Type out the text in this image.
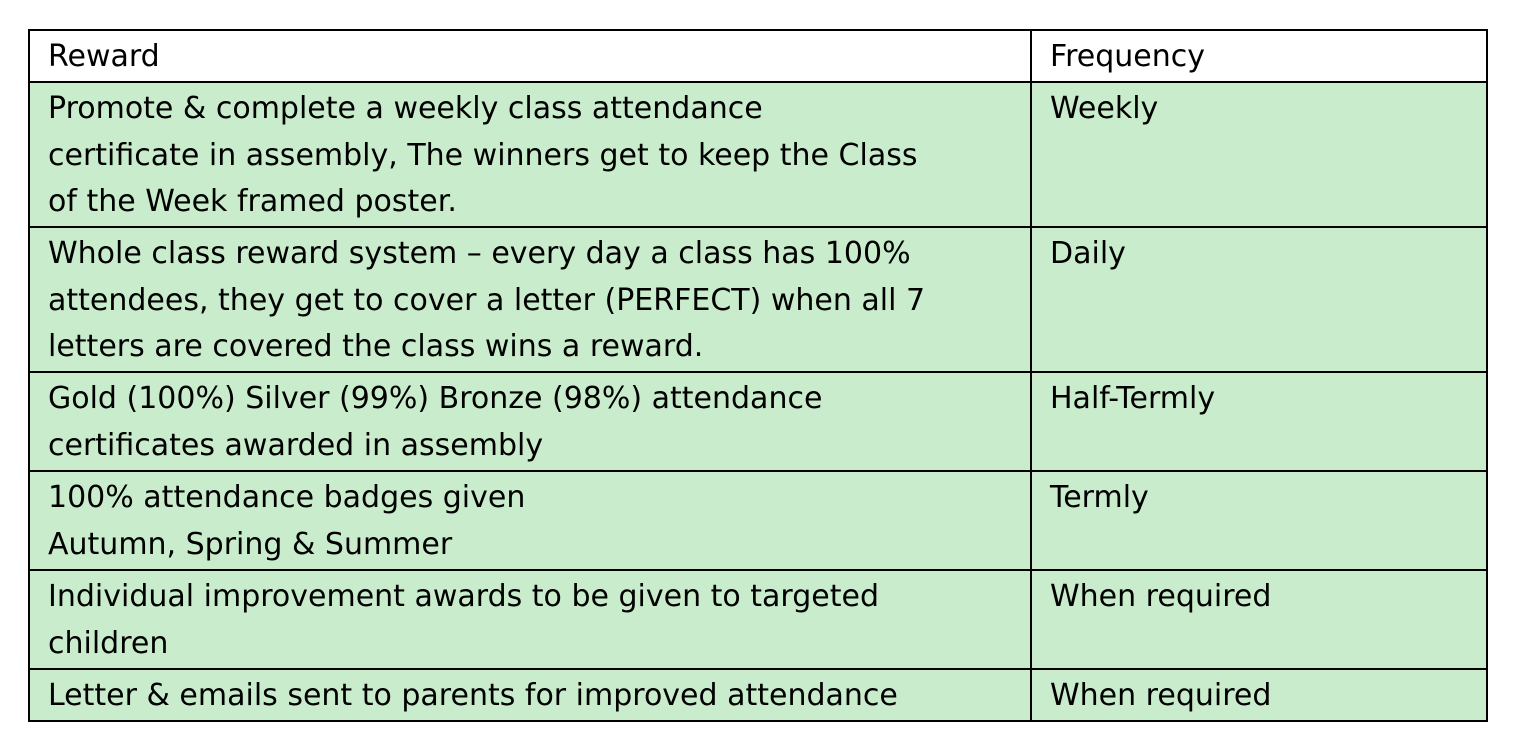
Reward	Frequency

Promote & complete a weekly class attendance
certificate in assembly, The winners get to keep the Class
of the Week framed poster.	Weekly

Whole class reward system – every day a class has 100%
attendees, they get to cover a letter (PERFECT) when all 7
letters are covered the class wins a reward.	Daily

Gold (100%) Silver (99%) Bronze (98%) attendance
certificates awarded in assembly	Half-Termly

100% attendance badges given
Autumn, Spring & Summer	Termly

Individual improvement awards to be given to targeted
children	When required

Letter & emails sent to parents for improved attendance	When required
